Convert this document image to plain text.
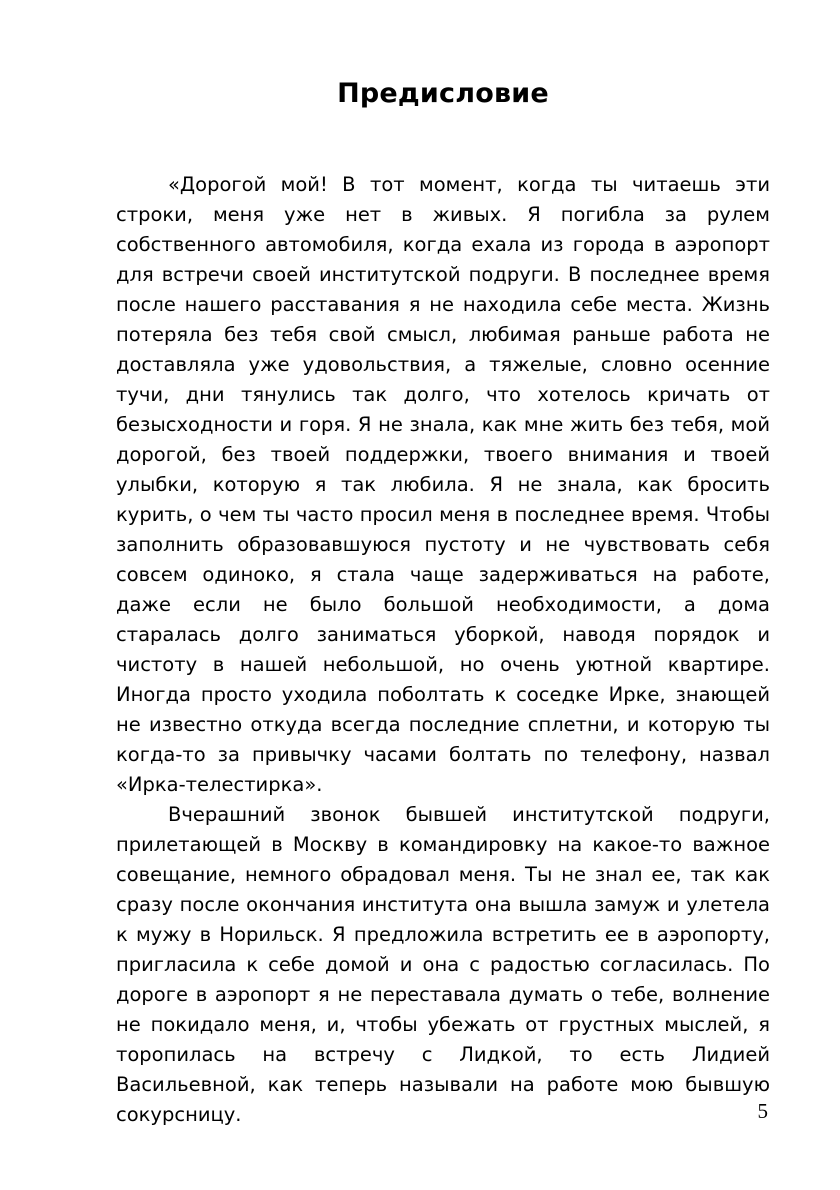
Предисловие

«Дорогой мой! В тот момент, когда ты читаешь эти строки, меня уже нет в живых. Я погибла за рулем собственного автомобиля, когда ехала из города в аэропорт для встречи своей институтской подруги. В последнее время после нашего расставания я не находила себе места. Жизнь потеряла без тебя свой смысл, любимая раньше работа не доставляла уже удовольствия, а тяжелые, словно осенние тучи, дни тянулись так долго, что хотелось кричать от безысходности и горя. Я не знала, как мне жить без тебя, мой дорогой, без твоей поддержки, твоего внимания и твоей улыбки, которую я так любила. Я не знала, как бросить курить, о чем ты часто просил меня в последнее время. Чтобы заполнить образовавшуюся пустоту и не чувствовать себя совсем одиноко, я стала чаще задерживаться на работе, даже если не было большой необходимости, а дома старалась долго заниматься уборкой, наводя порядок и чистоту в нашей небольшой, но очень уютной квартире. Иногда просто уходила поболтать к соседке Ирке, знающей не известно откуда всегда последние сплетни, и которую ты когда-то за привычку часами болтать по телефону, назвал «Ирка-телестирка».

Вчерашний звонок бывшей институтской подруги, прилетающей в Москву в командировку на какое-то важное совещание, немного обрадовал меня. Ты не знал ее, так как сразу после окончания института она вышла замуж и улетела к мужу в Норильск. Я предложила встретить ее в аэропорту, пригласила к себе домой и она с радостью согласилась. По дороге в аэропорт я не переставала думать о тебе, волнение не покидало меня, и, чтобы убежать от грустных мыслей, я торопилась на встречу с Лидкой, то есть Лидией Васильевной, как теперь называли на работе мою бывшую сокурсницу.	5
